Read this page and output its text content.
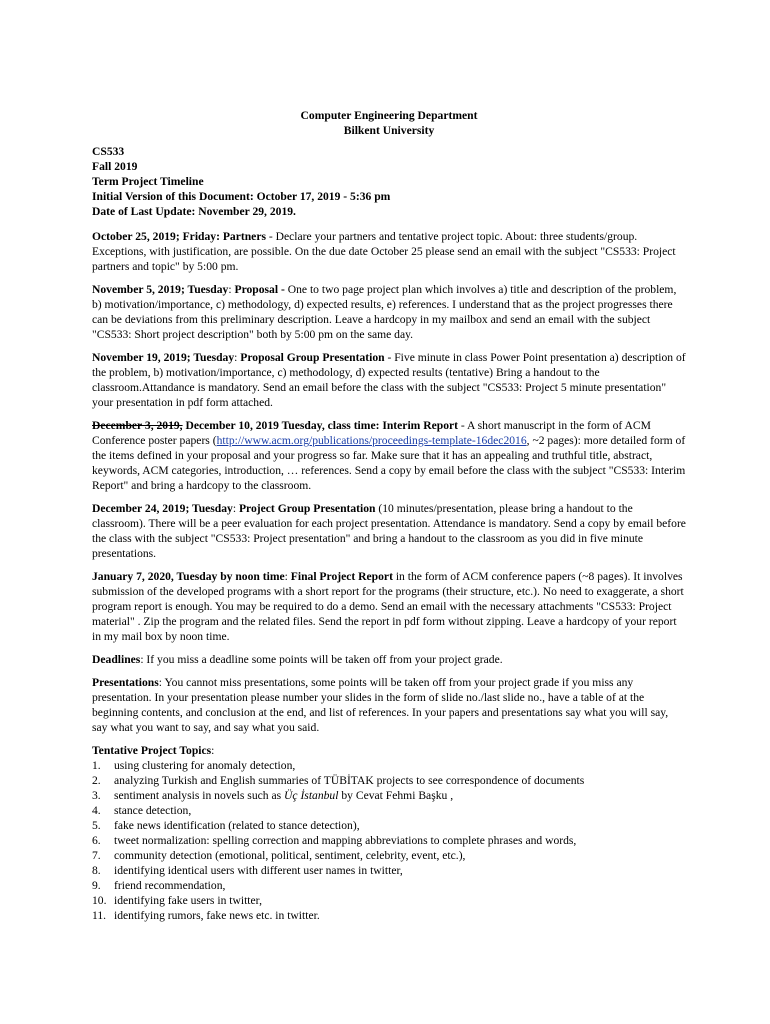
Computer Engineering Department
Bilkent University
CS533
Fall 2019
Term Project Timeline
Initial Version of this Document: October 17, 2019 - 5:36 pm
Date of Last Update: November 29, 2019.

October 25, 2019; Friday: Partners - Declare your partners and tentative project topic. About: three students/group. Exceptions, with justification, are possible. On the due date October 25 please send an email with the subject "CS533: Project partners and topic" by 5:00 pm.

November 5, 2019; Tuesday: Proposal - One to two page project plan which involves a) title and description of the problem, b) motivation/importance, c) methodology, d) expected results, e) references. I understand that as the project progresses there can be deviations from this preliminary description. Leave a hardcopy in my mailbox and send an email with the subject "CS533: Short project description" both by 5:00 pm on the same day.

November 19, 2019; Tuesday: Proposal Group Presentation - Five minute in class Power Point presentation a) description of the problem, b) motivation/importance, c) methodology, d) expected results (tentative) Bring a handout to the classroom.Attandance is mandatory. Send an email before the class with the subject "CS533: Project 5 minute presentation" your presentation in pdf form attached.

December 3, 2019, December 10, 2019 Tuesday, class time: Interim Report - A short manuscript in the form of ACM Conference poster papers (http://www.acm.org/publications/proceedings-template-16dec2016, ~2 pages): more detailed form of the items defined in your proposal and your progress so far. Make sure that it has an appealing and truthful title, abstract, keywords, ACM categories, introduction, … references. Send a copy by email before the class with the subject "CS533: Interim Report" and bring a hardcopy to the classroom.

December 24, 2019; Tuesday: Project Group Presentation (10 minutes/presentation, please bring a handout to the classroom). There will be a peer evaluation for each project presentation. Attendance is mandatory. Send a copy by email before the class with the subject "CS533: Project presentation" and bring a handout to the classroom as you did in five minute presentations.

January 7, 2020, Tuesday by noon time: Final Project Report in the form of ACM conference papers (~8 pages). It involves submission of the developed programs with a short report for the programs (their structure, etc.). No need to exaggerate, a short program report is enough. You may be required to do a demo. Send an email with the necessary attachments "CS533: Project material" . Zip the program and the related files. Send the report in pdf form without zipping. Leave a hardcopy of your report in my mail box by noon time.

Deadlines: If you miss a deadline some points will be taken off from your project grade.

Presentations: You cannot miss presentations, some points will be taken off from your project grade if you miss any presentation. In your presentation please number your slides in the form of slide no./last slide no., have a table of at the beginning contents, and conclusion at the end, and list of references. In your papers and presentations say what you will say, say what you want to say, and say what you said.

Tentative Project Topics:
1. using clustering for anomaly detection,
2. analyzing Turkish and English summaries of TÜBİTAK projects to see correspondence of documents
3. sentiment analysis in novels such as Üç İstanbul by Cevat Fehmi Başku ,
4. stance detection,
5. fake news identification (related to stance detection),
6. tweet normalization: spelling correction and mapping abbreviations to complete phrases and words,
7. community detection (emotional, political, sentiment, celebrity, event, etc.),
8. identifying identical users with different user names in twitter,
9. friend recommendation,
10. identifying fake users in twitter,
11. identifying rumors, fake news etc. in twitter.
